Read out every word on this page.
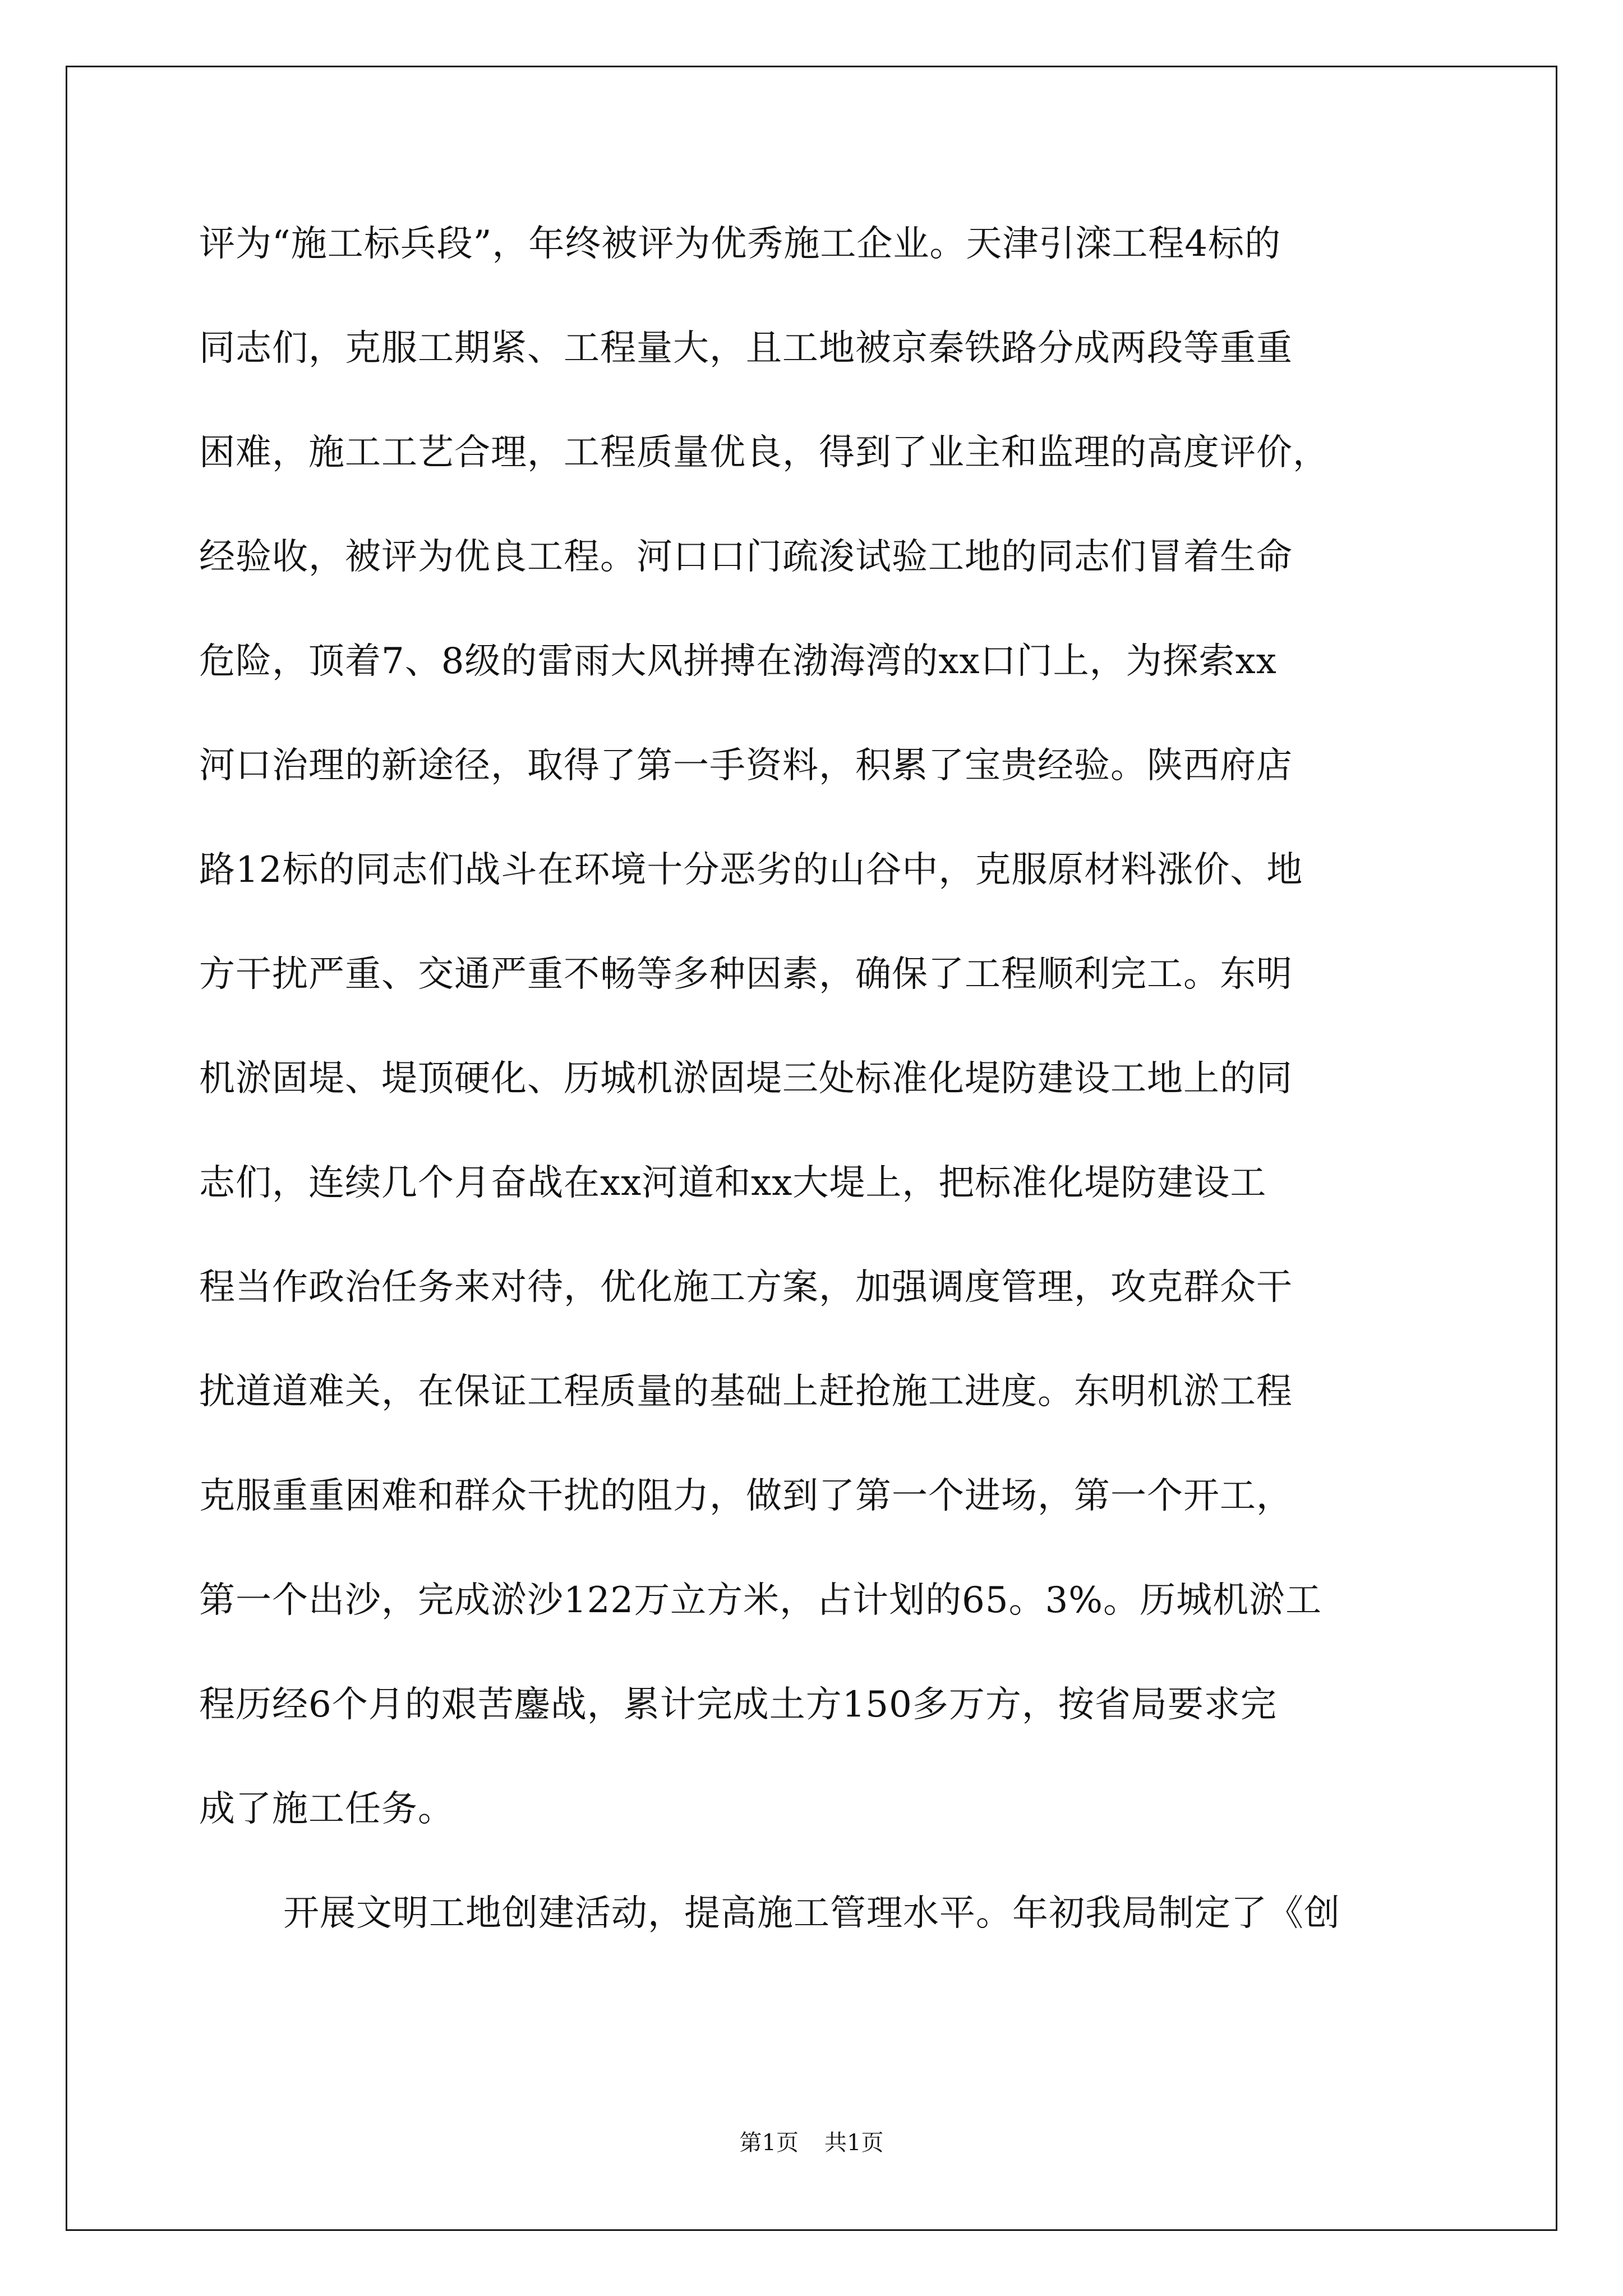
评为“施工标兵段”，年终被评为优秀施工企业。天津引滦工程4标的
同志们，克服工期紧、工程量大，且工地被京秦铁路分成两段等重重
困难，施工工艺合理，工程质量优良，得到了业主和监理的高度评价，
经验收，被评为优良工程。河口口门疏浚试验工地的同志们冒着生命
危险，顶着7、8级的雷雨大风拼搏在渤海湾的xx口门上，为探索xx
河口治理的新途径，取得了第一手资料，积累了宝贵经验。陕西府店
路12标的同志们战斗在环境十分恶劣的山谷中，克服原材料涨价、地
方干扰严重、交通严重不畅等多种因素，确保了工程顺利完工。东明
机淤固堤、堤顶硬化、历城机淤固堤三处标准化堤防建设工地上的同
志们，连续几个月奋战在xx河道和xx大堤上，把标准化堤防建设工
程当作政治任务来对待，优化施工方案，加强调度管理，攻克群众干
扰道道难关，在保证工程质量的基础上赶抢施工进度。东明机淤工程
克服重重困难和群众干扰的阻力，做到了第一个进场，第一个开工，
第一个出沙，完成淤沙122万立方米，占计划的65。3%。历城机淤工
程历经6个月的艰苦鏖战，累计完成土方150多万方，按省局要求完
成了施工任务。
开展文明工地创建活动，提高施工管理水平。年初我局制定了《创
第1页 共1页
